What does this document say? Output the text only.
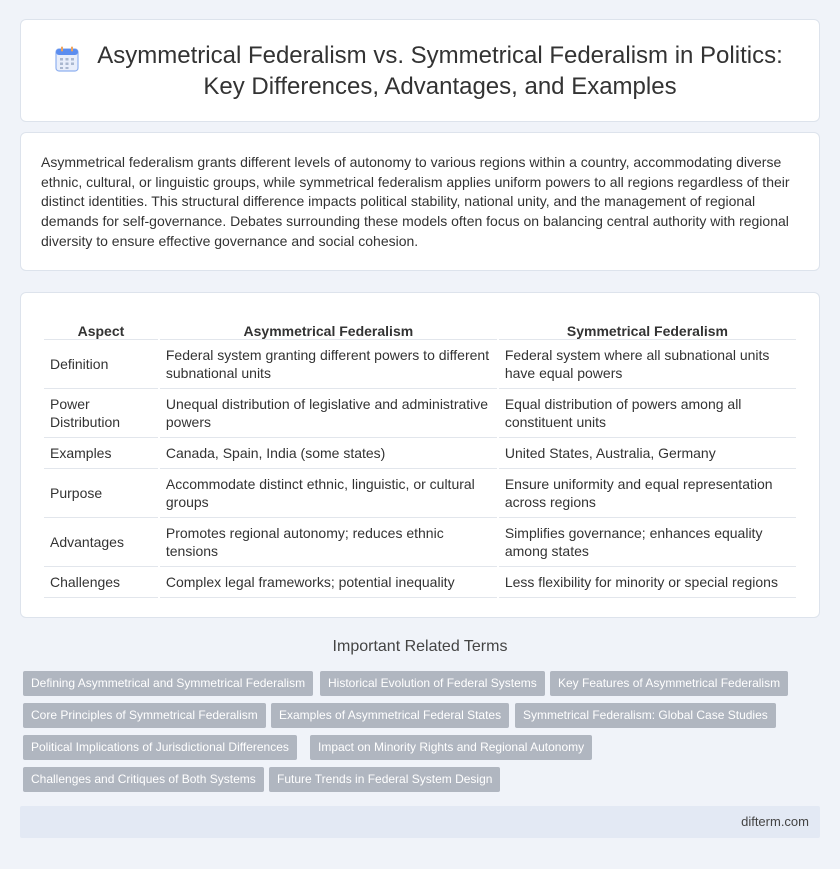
Asymmetrical Federalism vs. Symmetrical Federalism in Politics: Key Differences, Advantages, and Examples

Asymmetrical federalism grants different levels of autonomy to various regions within a country, accommodating diverse ethnic, cultural, or linguistic groups, while symmetrical federalism applies uniform powers to all regions regardless of their distinct identities. This structural difference impacts political stability, national unity, and the management of regional demands for self-governance. Debates surrounding these models often focus on balancing central authority with regional diversity to ensure effective governance and social cohesion.

Aspect	Asymmetrical Federalism	Symmetrical Federalism
Definition	Federal system granting different powers to different subnational units	Federal system where all subnational units have equal powers
Power Distribution	Unequal distribution of legislative and administrative powers	Equal distribution of powers among all constituent units
Examples	Canada, Spain, India (some states)	United States, Australia, Germany
Purpose	Accommodate distinct ethnic, linguistic, or cultural groups	Ensure uniformity and equal representation across regions
Advantages	Promotes regional autonomy; reduces ethnic tensions	Simplifies governance; enhances equality among states
Challenges	Complex legal frameworks; potential inequality	Less flexibility for minority or special regions
Important Related Terms
Defining Asymmetrical and Symmetrical Federalism	Historical Evolution of Federal Systems	Key Features of Asymmetrical Federalism
Core Principles of Symmetrical Federalism	Examples of Asymmetrical Federal States	Symmetrical Federalism: Global Case Studies
Political Implications of Jurisdictional Differences	Impact on Minority Rights and Regional Autonomy
Challenges and Critiques of Both Systems	Future Trends in Federal System Design
difterm.com
